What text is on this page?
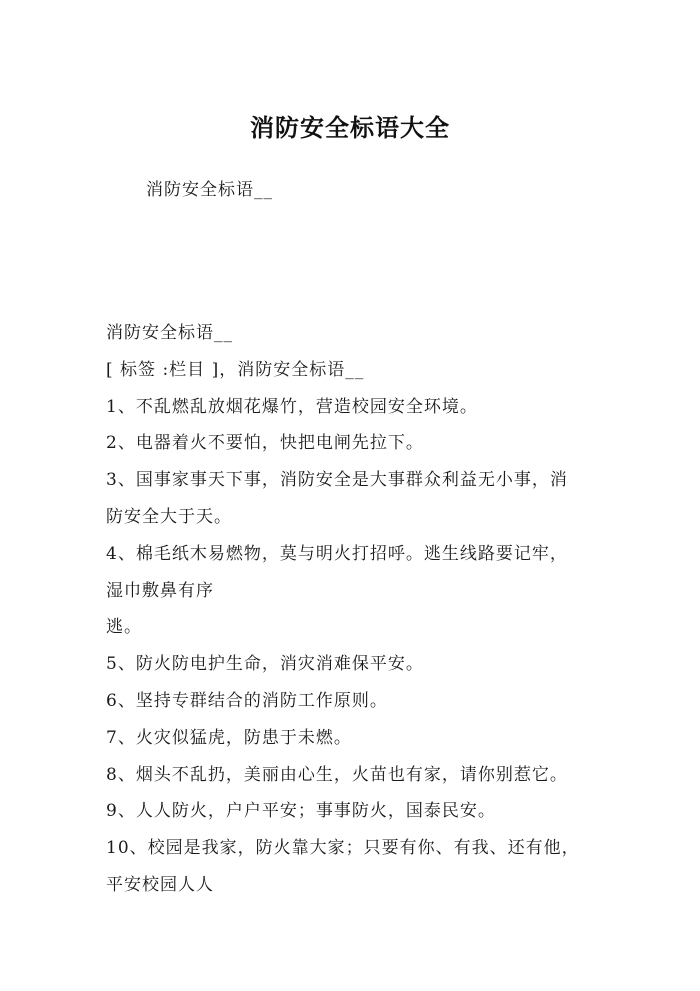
消防安全标语大全
消防安全标语__
消防安全标语__
[ 标签 :栏目 ]，消防安全标语__
1、不乱燃乱放烟花爆竹，营造校园安全环境。
2、电器着火不要怕，快把电闸先拉下。
3、国事家事天下事，消防安全是大事群众利益无小事，消
防安全大于天。
4、棉毛纸木易燃物，莫与明火打招呼。逃生线路要记牢，
湿巾敷鼻有序
逃。
5、防火防电护生命，消灾消难保平安。
6、坚持专群结合的消防工作原则。
7、火灾似猛虎，防患于未燃。
8、烟头不乱扔，美丽由心生，火苗也有家，请你别惹它。
9、人人防火，户户平安；事事防火，国泰民安。
10、校园是我家，防火靠大家；只要有你、有我、还有他，
平安校园人人
